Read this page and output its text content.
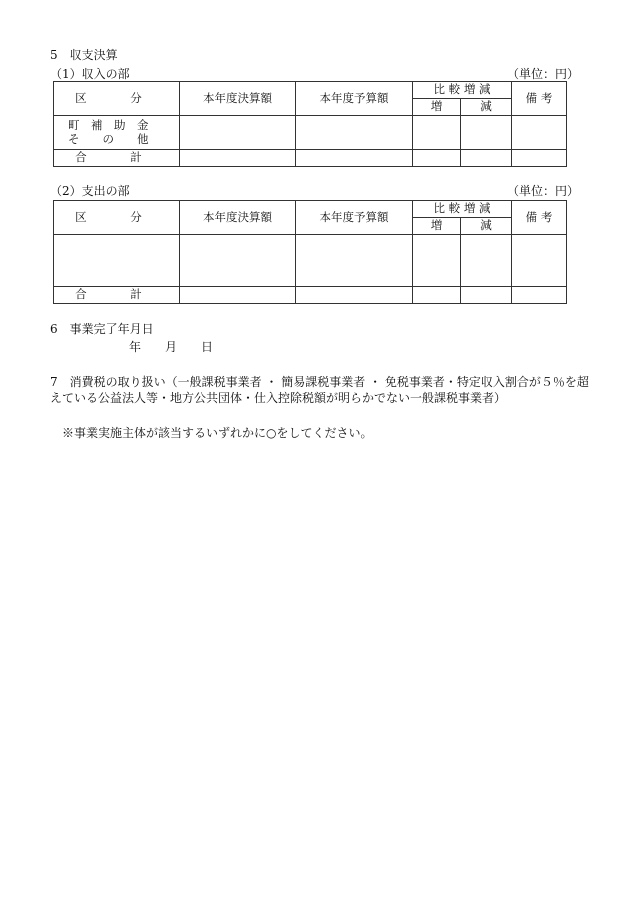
5　収支決算
（1）収入の部	（単位：円）
区　分	本年度決算額	本年度予算額	比 較 増 減		備 考
			増	減	

町　補　助　金
そ　　の　　他					

合　計					
（2）支出の部	（単位：円）
区　分	本年度決算額	本年度予算額	比 較 増 減		備 考
			増	減	

合　計					
6　事業完了年月日
年　　月　　日
7　消費税の取り扱い（一般課税事業者 ・ 簡易課税事業者 ・ 免税事業者・特定収入割合が５％を超えている公益法人等・地方公共団体・仕入控除税額が明らかでない一般課税事業者）
※事業実施主体が該当するいずれかに○をしてください。
